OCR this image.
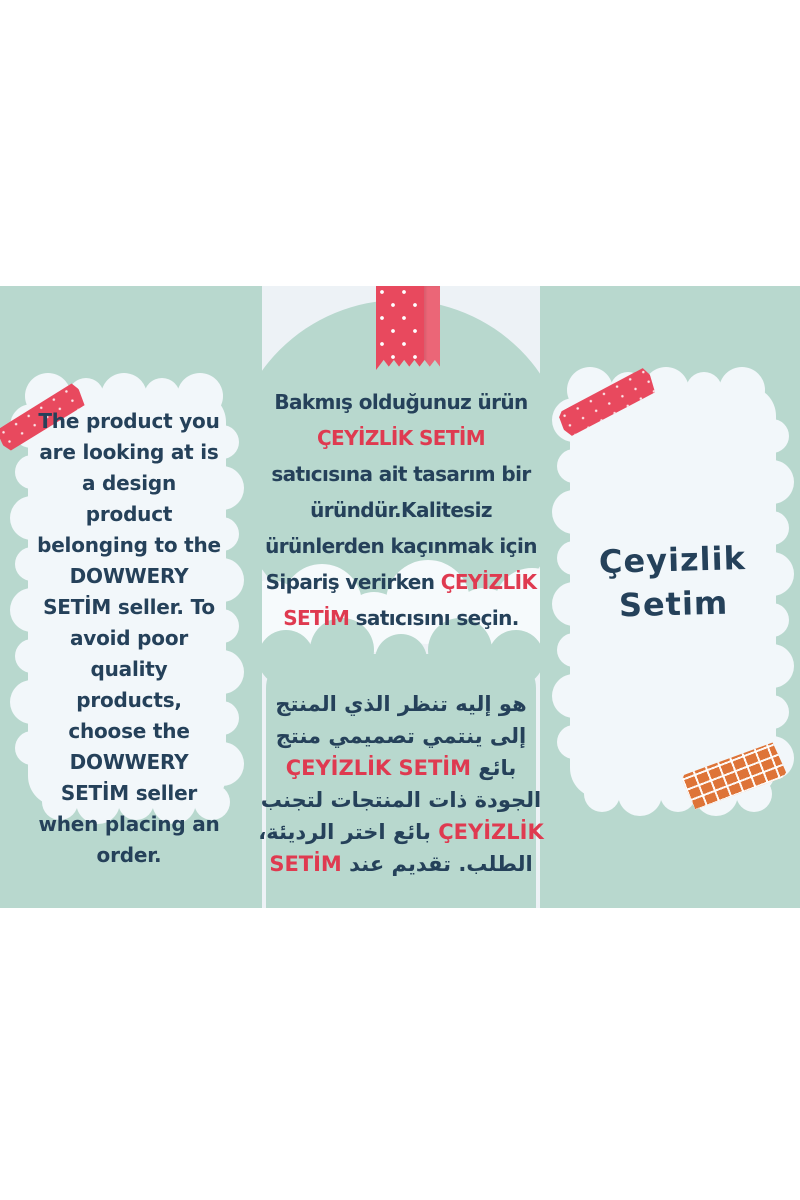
The product you
are looking at is
a design
product
belonging to the
DOWWERY
SETİM seller. To
avoid poor
quality
products,
choose the
DOWWERY
SETİM seller
when placing an
order.
Bakmış olduğunuz ürün
ÇEYİZLİK SETİM
satıcısına ait tasarım bir
üründür.Kalitesiz
ürünlerden kaçınmak için
Sipariş verirken ÇEYİZLİK
SETİM satıcısını seçin.
المنتج الذي تنظر إليه هو
منتج تصميمي ينتمي إلى
ÇEYİZLİK SETİM بائع
لتجنب المنتجات ذات الجودة
الرديئة، اختر بائع ÇEYİZLİK
SETİM عند تقديم الطلب.
Çeyizlik
Setim
